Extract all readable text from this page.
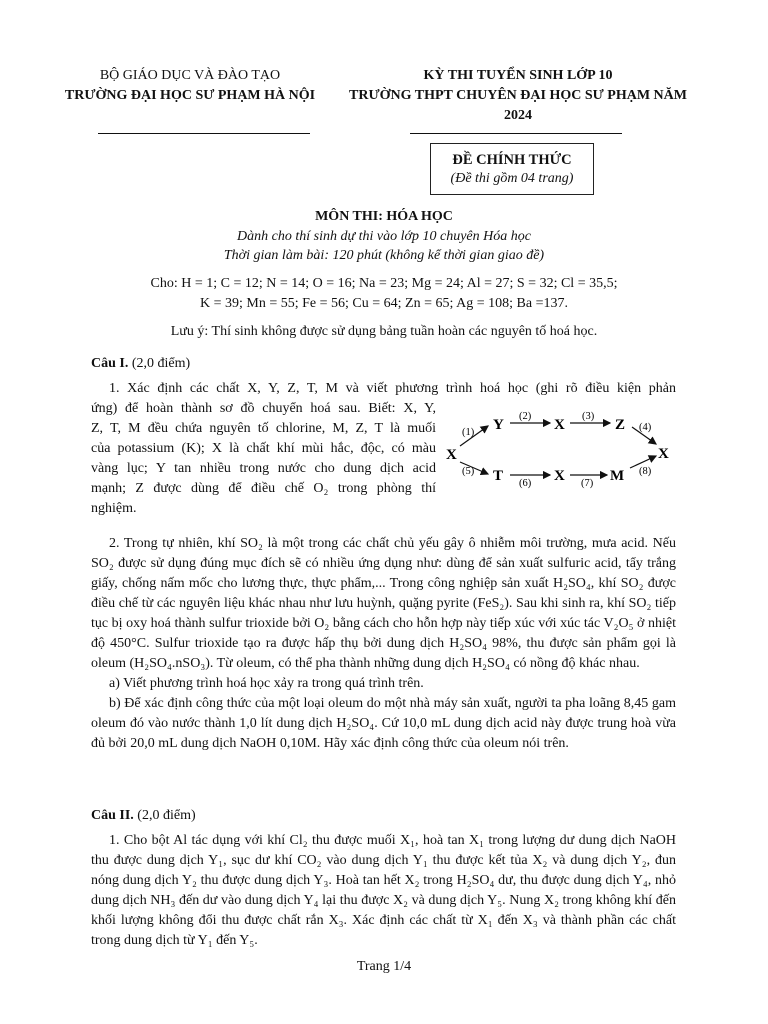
BỘ GIÁO DỤC VÀ ĐÀO TẠO
TRƯỜNG ĐẠI HỌC SƯ PHẠM HÀ NỘI
KỲ THI TUYỂN SINH LỚP 10
TRƯỜNG THPT CHUYÊN ĐẠI HỌC SƯ PHẠM NĂM
2024
ĐỀ CHÍNH THỨC
(Đề thi gồm 04 trang)
MÔN THI: HÓA HỌC
Dành cho thí sinh dự thi vào lớp 10 chuyên Hóa học
Thời gian làm bài: 120 phút (không kể thời gian giao đề)
Cho: H = 1; C = 12; N = 14; O = 16; Na = 23; Mg = 24; Al = 27; S = 32; Cl = 35,5;
K = 39; Mn = 55; Fe = 56; Cu = 64; Zn = 65; Ag = 108; Ba =137.
Lưu ý: Thí sinh không được sử dụng bảng tuần hoàn các nguyên tố hoá học.
Câu I. (2,0 điểm)
1. Xác định các chất X, Y, Z, T, M và viết phương trình hoá học (ghi rõ điều kiện phản
ứng) để hoàn thành sơ đồ chuyển hoá sau. Biết: X, Y,
Z, T, M đều chứa nguyên tố chlorine, M, Z, T là muối
của potassium (K); X là chất khí mùi hắc, độc, có màu
vàng lục; Y tan nhiều trong nước cho dung dịch acid
mạnh; Z được dùng để điều chế O₂ trong phòng thí
nghiệm.
X
Y	X	Z
X
T	X	M
(1)
(2)	(3)
(4)
(5)
(6)	(7)
(8)

2. Trong tự nhiên, khí SO₂ là một trong các chất chủ yếu gây ô nhiễm môi trường, mưa acid. Nếu SO₂ được sử dụng đúng mục đích sẽ có nhiều ứng dụng như: dùng để sản xuất sulfuric acid, tẩy trắng giấy, chống nấm mốc cho lương thực, thực phẩm,... Trong công nghiệp sản xuất H₂SO₄, khí SO₂ được điều chế từ các nguyên liệu khác nhau như lưu huỳnh, quặng pyrite (FeS₂). Sau khi sinh ra, khí SO₂ tiếp tục bị oxy hoá thành sulfur trioxide bởi O₂ bằng cách cho hỗn hợp này tiếp xúc với xúc tác V₂O₅ ở nhiệt độ 450°C. Sulfur trioxide tạo ra được hấp thụ bởi dung dịch H₂SO₄ 98%, thu được sản phẩm gọi là oleum (H₂SO₄.nSO₃). Từ oleum, có thể pha thành những dung dịch H₂SO₄ có nồng độ khác nhau.

a) Viết phương trình hoá học xảy ra trong quá trình trên.

b) Để xác định công thức của một loại oleum do một nhà máy sản xuất, người ta pha loãng 8,45 gam oleum đó vào nước thành 1,0 lít dung dịch H₂SO₄. Cứ 10,0 mL dung dịch acid này được trung hoà vừa đủ bởi 20,0 mL dung dịch NaOH 0,10M. Hãy xác định công thức của oleum nói trên.

Câu II. (2,0 điểm)

1. Cho bột Al tác dụng với khí Cl₂ thu được muối X₁, hoà tan X₁ trong lượng dư dung dịch NaOH thu được dung dịch Y₁, sục dư khí CO₂ vào dung dịch Y₁ thu được kết tủa X₂ và dung dịch Y₂, đun nóng dung dịch Y₂ thu được dung dịch Y₃. Hoà tan hết X₂ trong H₂SO₄ dư, thu được dung dịch Y₄, nhỏ dung dịch NH₃ đến dư vào dung dịch Y₄ lại thu được X₂ và dung dịch Y₅. Nung X₂ trong không khí đến khối lượng không đổi thu được chất rắn X₃. Xác định các chất từ X₁ đến X₃ và thành phần các chất trong dung dịch từ Y₁ đến Y₅.

Trang 1/4
